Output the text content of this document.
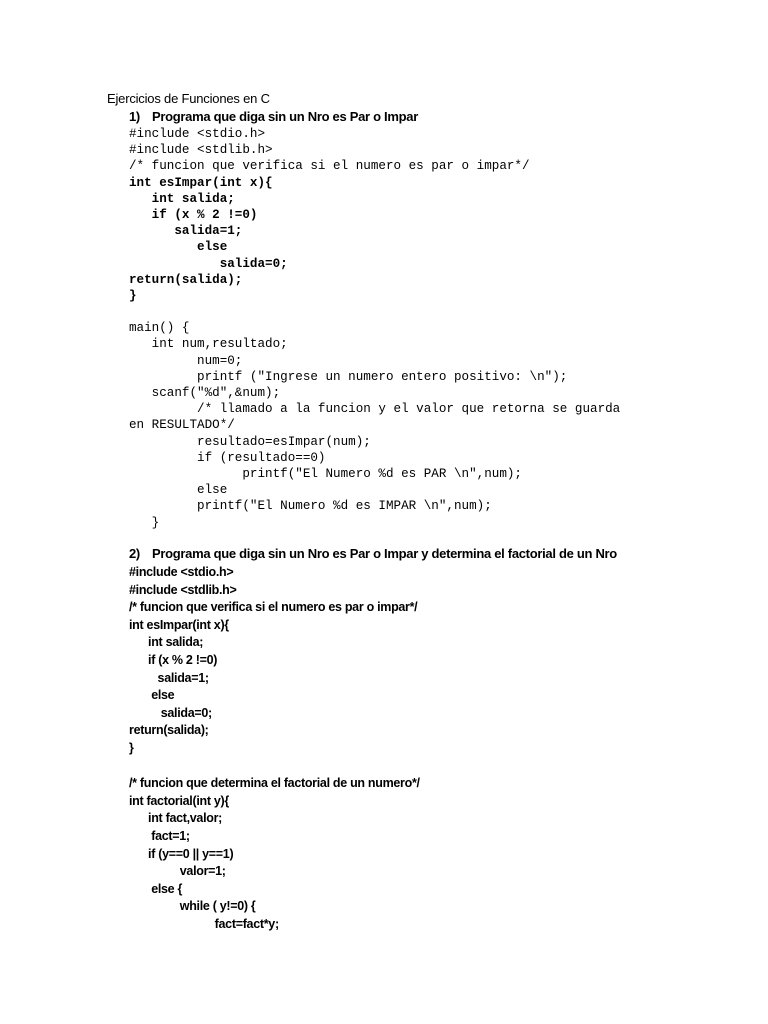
Ejercicios de Funciones en C
1) Programa que diga sin un Nro es Par o Impar
#include <stdio.h>
#include <stdlib.h>
/* funcion que verifica si el numero es par o impar*/
int esImpar(int x){
int salida;
if (x % 2 !=0)
salida=1;
else
salida=0;
return(salida);
}
main() {
int num,resultado;
num=0;
printf ("Ingrese un numero entero positivo: \n");
scanf("%d",&num);
/* llamado a la funcion y el valor que retorna se guarda
en RESULTADO*/
resultado=esImpar(num);
if (resultado==0)
printf("El Numero %d es PAR \n",num);
else
printf("El Numero %d es IMPAR \n",num);
}
2) Programa que diga sin un Nro es Par o Impar y determina el factorial de un Nro
#include <stdio.h>
#include <stdlib.h>
/* funcion que verifica si el numero es par o impar*/
int esImpar(int x){
int salida;
if (x % 2 !=0)
salida=1;
else
salida=0;
return(salida);
}
/* funcion que determina el factorial de un numero*/
int factorial(int y){
int fact,valor;
fact=1;
if (y==0 || y==1)
valor=1;
else {
while ( y!=0) {
fact=fact*y;
